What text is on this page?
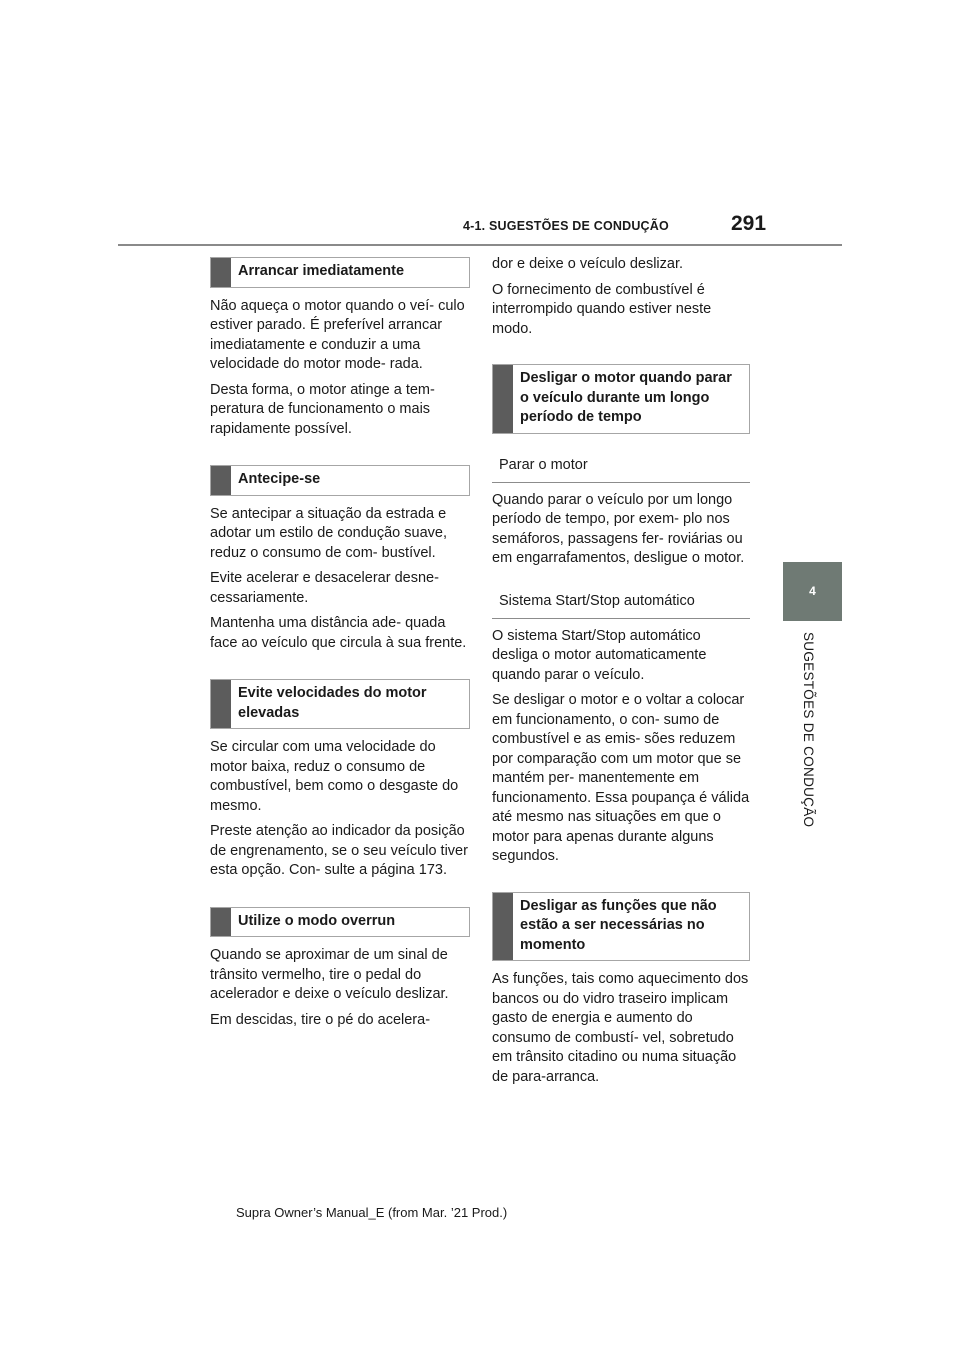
4-1. SUGESTÕES DE CONDUÇÃO	291
4
SUGESTÕES DE CONDUÇÃO
Arrancar imediatamente

Não aqueça o motor quando o veí- culo estiver parado. É preferível arrancar imediatamente e conduzir a uma velocidade do motor mode- rada.

Desta forma, o motor atinge a tem- peratura de funcionamento o mais rapidamente possível.

Antecipe-se

Se antecipar a situação da estrada e adotar um estilo de condução suave, reduz o consumo de com- bustível.

Evite acelerar e desacelerar desne- cessariamente.

Mantenha uma distância ade- quada face ao veículo que circula à sua frente.

Evite velocidades do motor elevadas

Se circular com uma velocidade do motor baixa, reduz o consumo de combustível, bem como o desgaste do mesmo.

Preste atenção ao indicador da posição de engrenamento, se o seu veículo tiver esta opção. Con- sulte a página 173.

Utilize o modo overrun

Quando se aproximar de um sinal de trânsito vermelho, tire o pedal do acelerador e deixe o veículo deslizar.

Em descidas, tire o pé do acelera-

dor e deixe o veículo deslizar.

O fornecimento de combustível é interrompido quando estiver neste modo.

Desligar o motor quando parar o veículo durante um longo período de tempo
Parar o motor

Quando parar o veículo por um longo período de tempo, por exem- plo nos semáforos, passagens fer- roviárias ou em engarrafamentos, desligue o motor.

Sistema Start/Stop automático

O sistema Start/Stop automático desliga o motor automaticamente quando parar o veículo.

Se desligar o motor e o voltar a colocar em funcionamento, o con- sumo de combustível e as emis- sões reduzem por comparação com um motor que se mantém per- manentemente em funcionamento. Essa poupança é válida até mesmo nas situações em que o motor para apenas durante alguns segundos.

Desligar as funções que não estão a ser necessárias no momento

As funções, tais como aquecimento dos bancos ou do vidro traseiro implicam gasto de energia e aumento do consumo de combustí- vel, sobretudo em trânsito citadino ou numa situação de para-arranca.

Supra Owner’s Manual_E (from Mar. ’21 Prod.)
